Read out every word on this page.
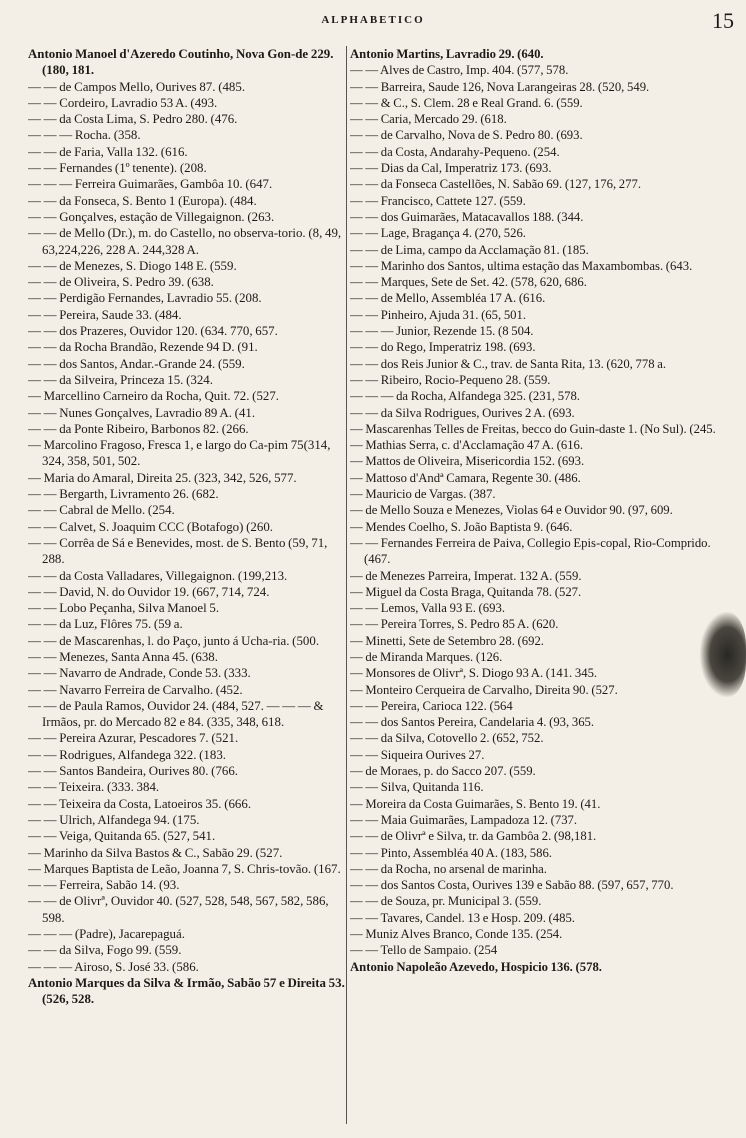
ALPHABETICO	15
Antonio Manoel d'Azeredo Coutinho, Nova Gon-de 229. (180, 181.
— — de Campos Mello, Ourives 87. (485.
— — Cordeiro, Lavradio 53 A. (493.
— — da Costa Lima, S. Pedro 280. (476.
— — — Rocha. (358.
— — de Faria, Valla 132. (616.
— — Fernandes (1º tenente). (208.
— — — Ferreira Guimarães, Gambôa 10. (647.
— — da Fonseca, S. Bento 1 (Europa). (484.
— — Gonçalves, estação de Villegaignon. (263.
— — de Mello (Dr.), m. do Castello, no observa-torio. (8, 49, 63,224,226, 228 A. 244,328 A.
— — de Menezes, S. Diogo 148 E. (559.
— — de Oliveira, S. Pedro 39. (638.
— — Perdigão Fernandes, Lavradio 55. (208.
— — Pereira, Saude 33. (484.
— — dos Prazeres, Ouvidor 120. (634. 770, 657.
— — da Rocha Brandão, Rezende 94 D. (91.
— — dos Santos, Andar.-Grande 24. (559.
— — da Silveira, Princeza 15. (324.
— Marcellino Carneiro da Rocha, Quit. 72. (527.
— — Nunes Gonçalves, Lavradio 89 A. (41.
— — da Ponte Ribeiro, Barbonos 82. (266.
— Marcolino Fragoso, Fresca 1, e largo do Ca-pim 75(314, 324, 358, 501, 502.
— Maria do Amaral, Direita 25. (323, 342, 526, 577.
— — Bergarth, Livramento 26. (682.
— — Cabral de Mello. (254.
— — Calvet, S. Joaquim CCC (Botafogo) (260.
— — Corrêa de Sá e Benevides, most. de S. Bento (59, 71, 288.
— — da Costa Valladares, Villegaignon. (199,213.
— — David, N. do Ouvidor 19. (667, 714, 724.
— — Lobo Peçanha, Silva Manoel 5.
— — da Luz, Flôres 75. (59 a.
— — de Mascarenhas, l. do Paço, junto á Ucha-ria. (500.
— — Menezes, Santa Anna 45. (638.
— — Navarro de Andrade, Conde 53. (333.
— — Navarro Ferreira de Carvalho. (452.
— — de Paula Ramos, Ouvidor 24. (484, 527. — — — & Irmãos, pr. do Mercado 82 e 84. (335, 348, 618.
— — Pereira Azurar, Pescadores 7. (521.
— — Rodrigues, Alfandega 322. (183.
— — Santos Bandeira, Ourives 80. (766.
— — Teixeira. (333. 384.
— — Teixeira da Costa, Latoeiros 35. (666.
— — Ulrich, Alfandega 94. (175.
— — Veiga, Quitanda 65. (527, 541.
— Marinho da Silva Bastos & C., Sabão 29. (527.
— Marques Baptista de Leão, Joanna 7, S. Chris-tovão. (167.
— — Ferreira, Sabão 14. (93.
— — de Olivrª, Ouvidor 40. (527, 528, 548, 567, 582, 586, 598.
— — — (Padre), Jacarepaguá.
— — da Silva, Fogo 99. (559.
— — — Airoso, S. José 33. (586.
Antonio Marques da Silva & Irmão, Sabão 57 e Direita 53. (526, 528.
Antonio Martins, Lavradio 29. (640.
— — Alves de Castro, Imp. 404. (577, 578.
— — Barreira, Saude 126, Nova Larangeiras 28. (520, 549.
— — & C., S. Clem. 28 e Real Grand. 6. (559.
— — Caria, Mercado 29. (618.
— — de Carvalho, Nova de S. Pedro 80. (693.
— — da Costa, Andarahy-Pequeno. (254.
— — Dias da Cal, Imperatriz 173. (693.
— — da Fonseca Castellões, N. Sabão 69. (127, 176, 277.
— — Francisco, Cattete 127. (559.
— — dos Guimarães, Matacavallos 188. (344.
— — Lage, Bragança 4. (270, 526.
— — de Lima, campo da Acclamação 81. (185.
— — Marinho dos Santos, ultima estação das Maxambombas. (643.
— — Marques, Sete de Set. 42. (578, 620, 686.
— — de Mello, Assembléa 17 A. (616.
— — Pinheiro, Ajuda 31. (65, 501.
— — — Junior, Rezende 15. (8 504.
— — do Rego, Imperatriz 198. (693.
— — dos Reis Junior & C., trav. de Santa Rita, 13. (620, 778 a.
— — Ribeiro, Rocio-Pequeno 28. (559.
— — — da Rocha, Alfandega 325. (231, 578.
— — da Silva Rodrigues, Ourives 2 A. (693.
— Mascarenhas Telles de Freitas, becco do Guin-daste 1. (No Sul). (245.
— Mathias Serra, c. d'Acclamação 47 A. (616.
— Mattos de Oliveira, Misericordia 152. (693.
— Mattoso d'Andª Camara, Regente 30. (486.
— Mauricio de Vargas. (387.
— de Mello Souza e Menezes, Violas 64 e Ouvidor 90. (97, 609.
— Mendes Coelho, S. João Baptista 9. (646.
— — Fernandes Ferreira de Paiva, Collegio Epis-copal, Rio-Comprido. (467.
— de Menezes Parreira, Imperat. 132 A. (559.
— Miguel da Costa Braga, Quitanda 78. (527.
— — Lemos, Valla 93 E. (693.
— — Pereira Torres, S. Pedro 85 A. (620.
— Minetti, Sete de Setembro 28. (692.
— de Miranda Marques. (126.
— Monsores de Olivrª, S. Diogo 93 A. (141. 345.
— Monteiro Cerqueira de Carvalho, Direita 90. (527.
— — Pereira, Carioca 122. (564
— — dos Santos Pereira, Candelaria 4. (93, 365.
— — da Silva, Cotovello 2. (652, 752.
— — Siqueira Ourives 27.
— de Moraes, p. do Sacco 207. (559.
— — Silva, Quitanda 116.
— Moreira da Costa Guimarães, S. Bento 19. (41.
— — Maia Guimarães, Lampadoza 12. (737.
— — de Olivrª e Silva, tr. da Gambôa 2. (98,181.
— — Pinto, Assembléa 40 A. (183, 586.
— — da Rocha, no arsenal de marinha.
— — dos Santos Costa, Ourives 139 e Sabão 88. (597, 657, 770.
— — de Souza, pr. Municipal 3. (559.
— — Tavares, Candel. 13 e Hosp. 209. (485.
— Muniz Alves Branco, Conde 135. (254.
— — Tello de Sampaio. (254
Antonio Napoleão Azevedo, Hospicio 136. (578.
